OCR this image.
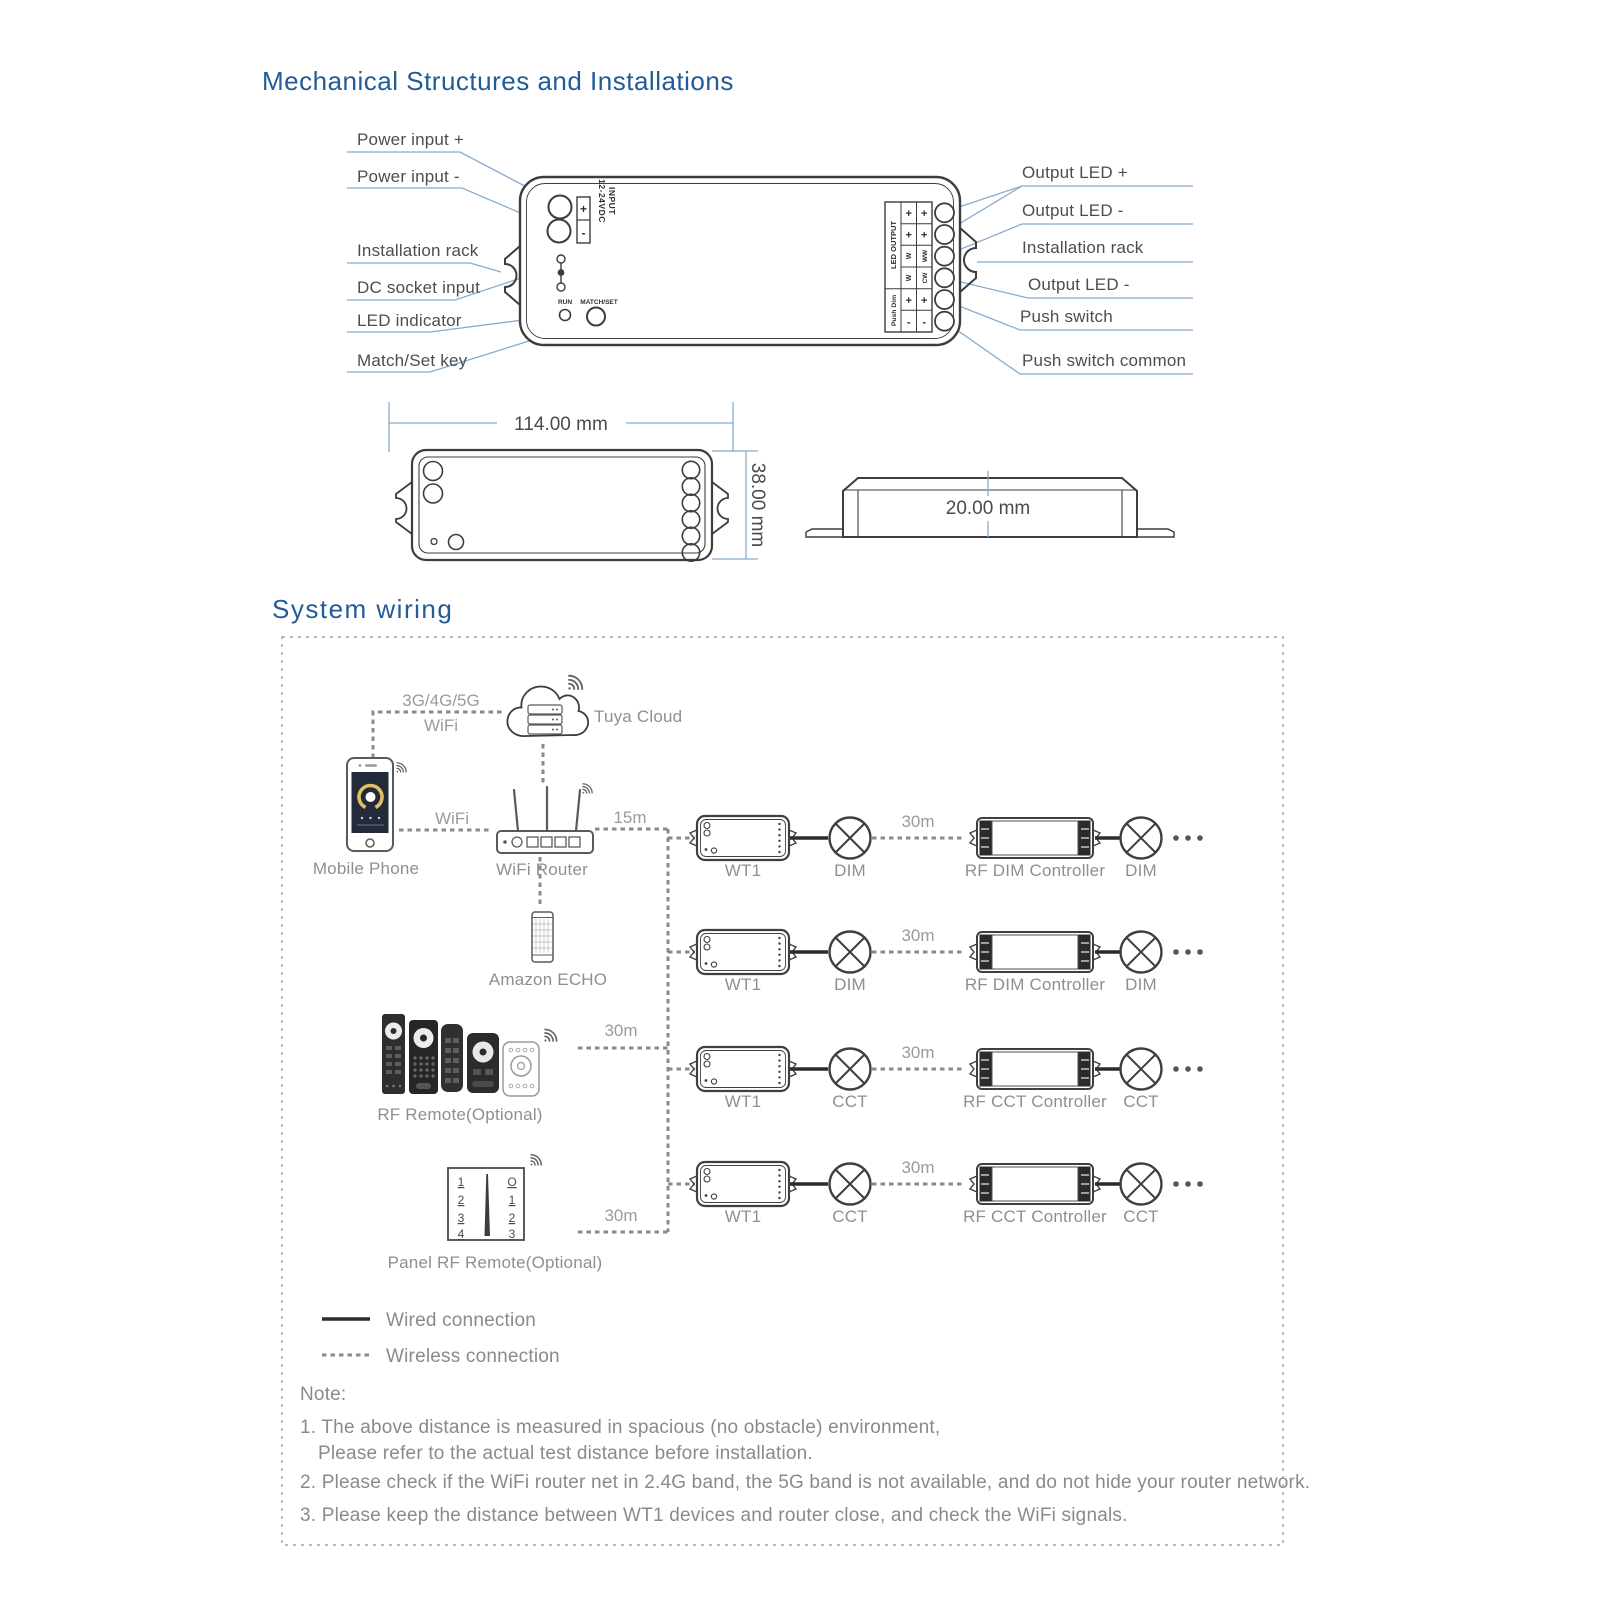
Mechanical Structures and Installations
System wiring
+
-
INPUT
12-24VDC
RUN MATCH/SET
LED OUTPUT
Push Dim
+ +
+ +
W WW
W CW
+ +
- -
Power input +
Power input -
Installation rack
DC socket input
LED indicator
Match/Set key
Output LED +
Output LED -
Installation rack
Output LED -
Push switch
Push switch common
114.00 mm
38.00 mm	20.00 mm
3G/4G/5G
WiFi
WiFi	15m
30m
30m
Tuya Cloud
Mobile Phone	WiFi Router
Amazon ECHO
RF Remote(Optional)
1
2
3
4
O
1
2
3
Panel RF Remote(Optional)
30m
WT1	DIM	RF DIM Controller DIM
30m
WT1	DIM	RF DIM Controller DIM
30m
WT1	CCT	RF CCT Controller CCT
30m
WT1	CCT	RF CCT Controller CCT
Wired connection
Wireless connection
Note:
1. The above distance is measured in spacious (no obstacle) environment,
Please refer to the actual test distance before installation.
2. Please check if the WiFi router net in 2.4G band, the 5G band is not available, and do not hide your router network.
3. Please keep the distance between WT1 devices and router close, and check the WiFi signals.
